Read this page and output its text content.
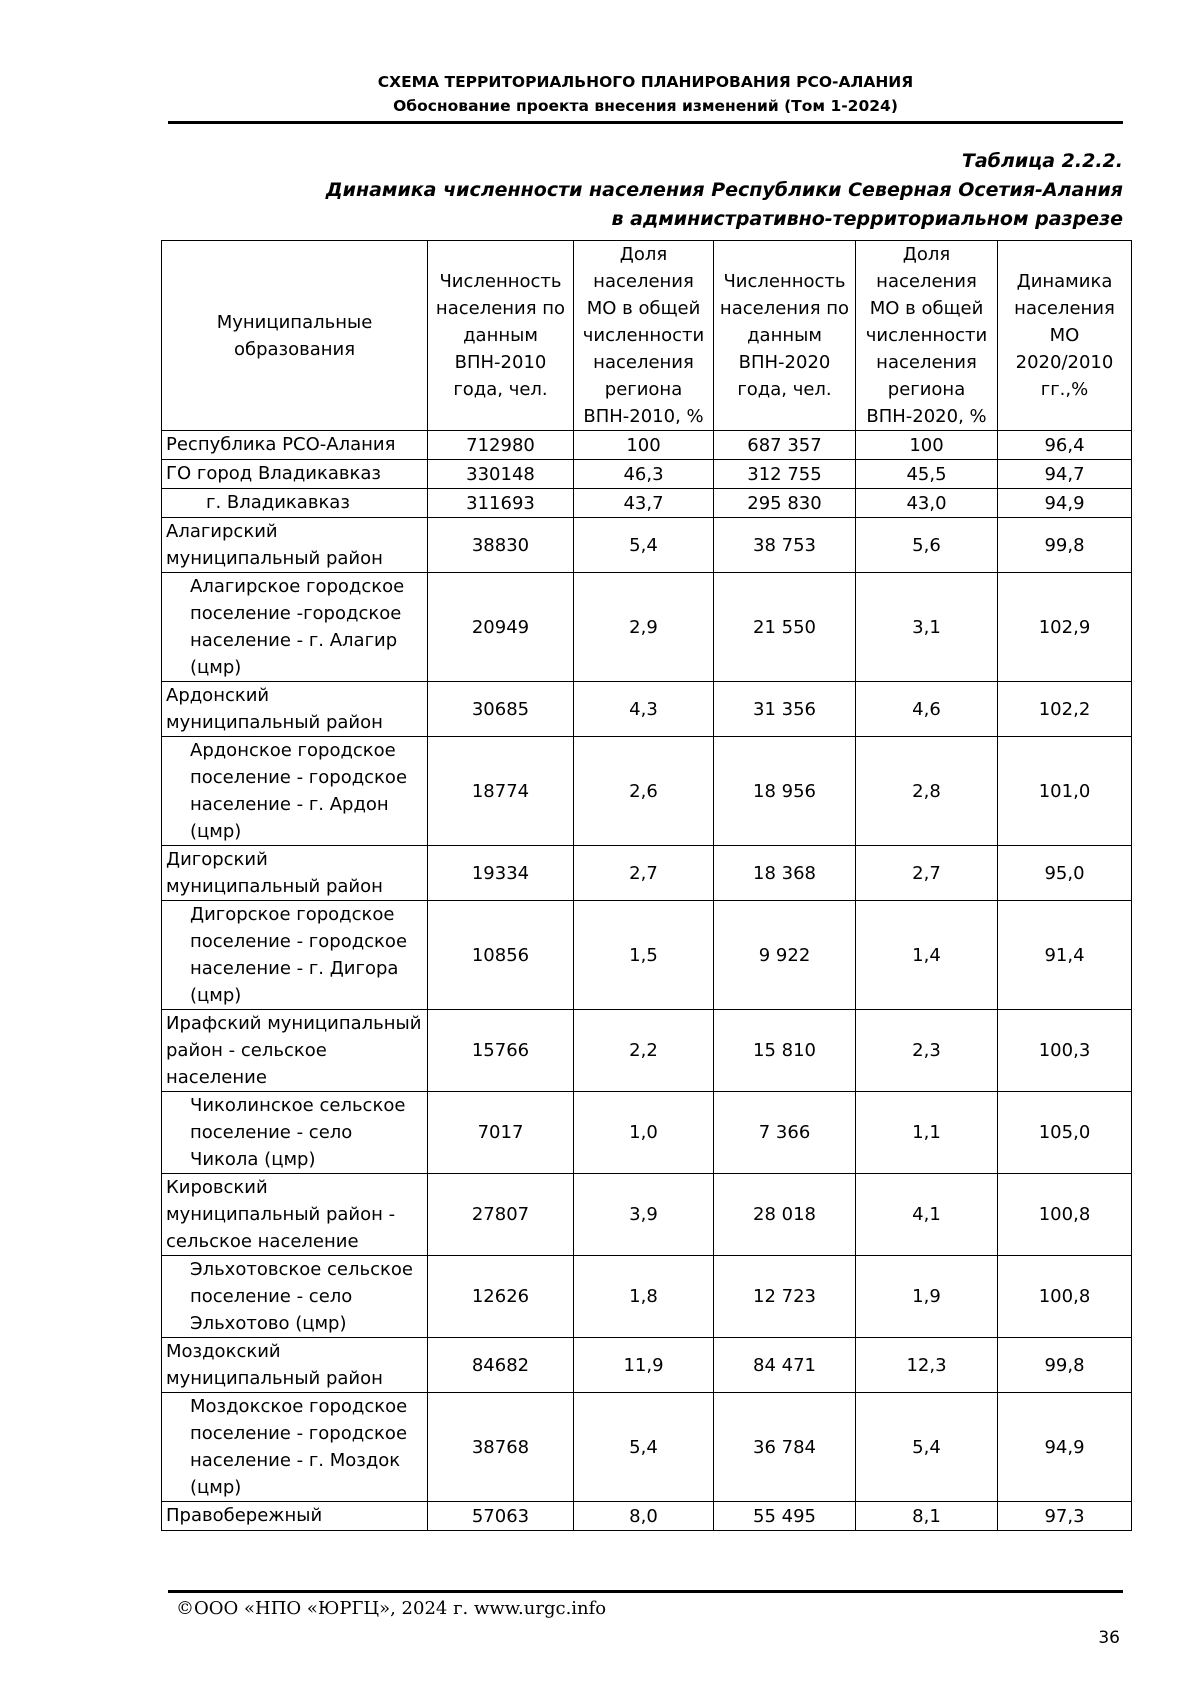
СХЕМА ТЕРРИТОРИАЛЬНОГО ПЛАНИРОВАНИЯ РСО-АЛАНИЯ
Обоснование проекта внесения изменений (Том 1-2024)
Таблица 2.2.2.
Динамика численности населения Республики Северная Осетия-Алания
в административно-территориальном разрезе
Муниципальные образования	Численность населения по данным ВПН-2010 года, чел.	Доля населения МО в общей численности населения региона ВПН-2010, %	Численность населения по данным ВПН-2020 года, чел.	Доля населения МО в общей численности населения региона ВПН-2020, %	Динамика населения МО 2020/2010 гг.,%
Республика РСО-Алания	712980	100	687 357	100	96,4
ГО город Владикавказ	330148	46,3	312 755	45,5	94,7
г. Владикавказ	311693	43,7	295 830	43,0	94,9
Алагирский муниципальный район	38830	5,4	38 753	5,6	99,8
Алагирское городское поселение -городское население - г. Алагир (цмр)	20949	2,9	21 550	3,1	102,9
Ардонский муниципальный район	30685	4,3	31 356	4,6	102,2
Ардонское городское поселение - городское население - г. Ардон (цмр)	18774	2,6	18 956	2,8	101,0
Дигорский муниципальный район	19334	2,7	18 368	2,7	95,0
Дигорское городское поселение - городское население - г. Дигора (цмр)	10856	1,5	9 922	1,4	91,4
Ирафский муниципальный район - сельское население	15766	2,2	15 810	2,3	100,3
Чиколинское сельское поселение - село Чикола (цмр)	7017	1,0	7 366	1,1	105,0
Кировский муниципальный район - сельское население	27807	3,9	28 018	4,1	100,8
Эльхотовское сельское поселение - село Эльхотово (цмр)	12626	1,8	12 723	1,9	100,8
Моздокский муниципальный район	84682	11,9	84 471	12,3	99,8
Моздокское городское поселение - городское население - г. Моздок (цмр)	38768	5,4	36 784	5,4	94,9
Правобережный	57063	8,0	55 495	8,1	97,3
©ООО «НПО «ЮРГЦ», 2024 г. www.urgc.info
36
